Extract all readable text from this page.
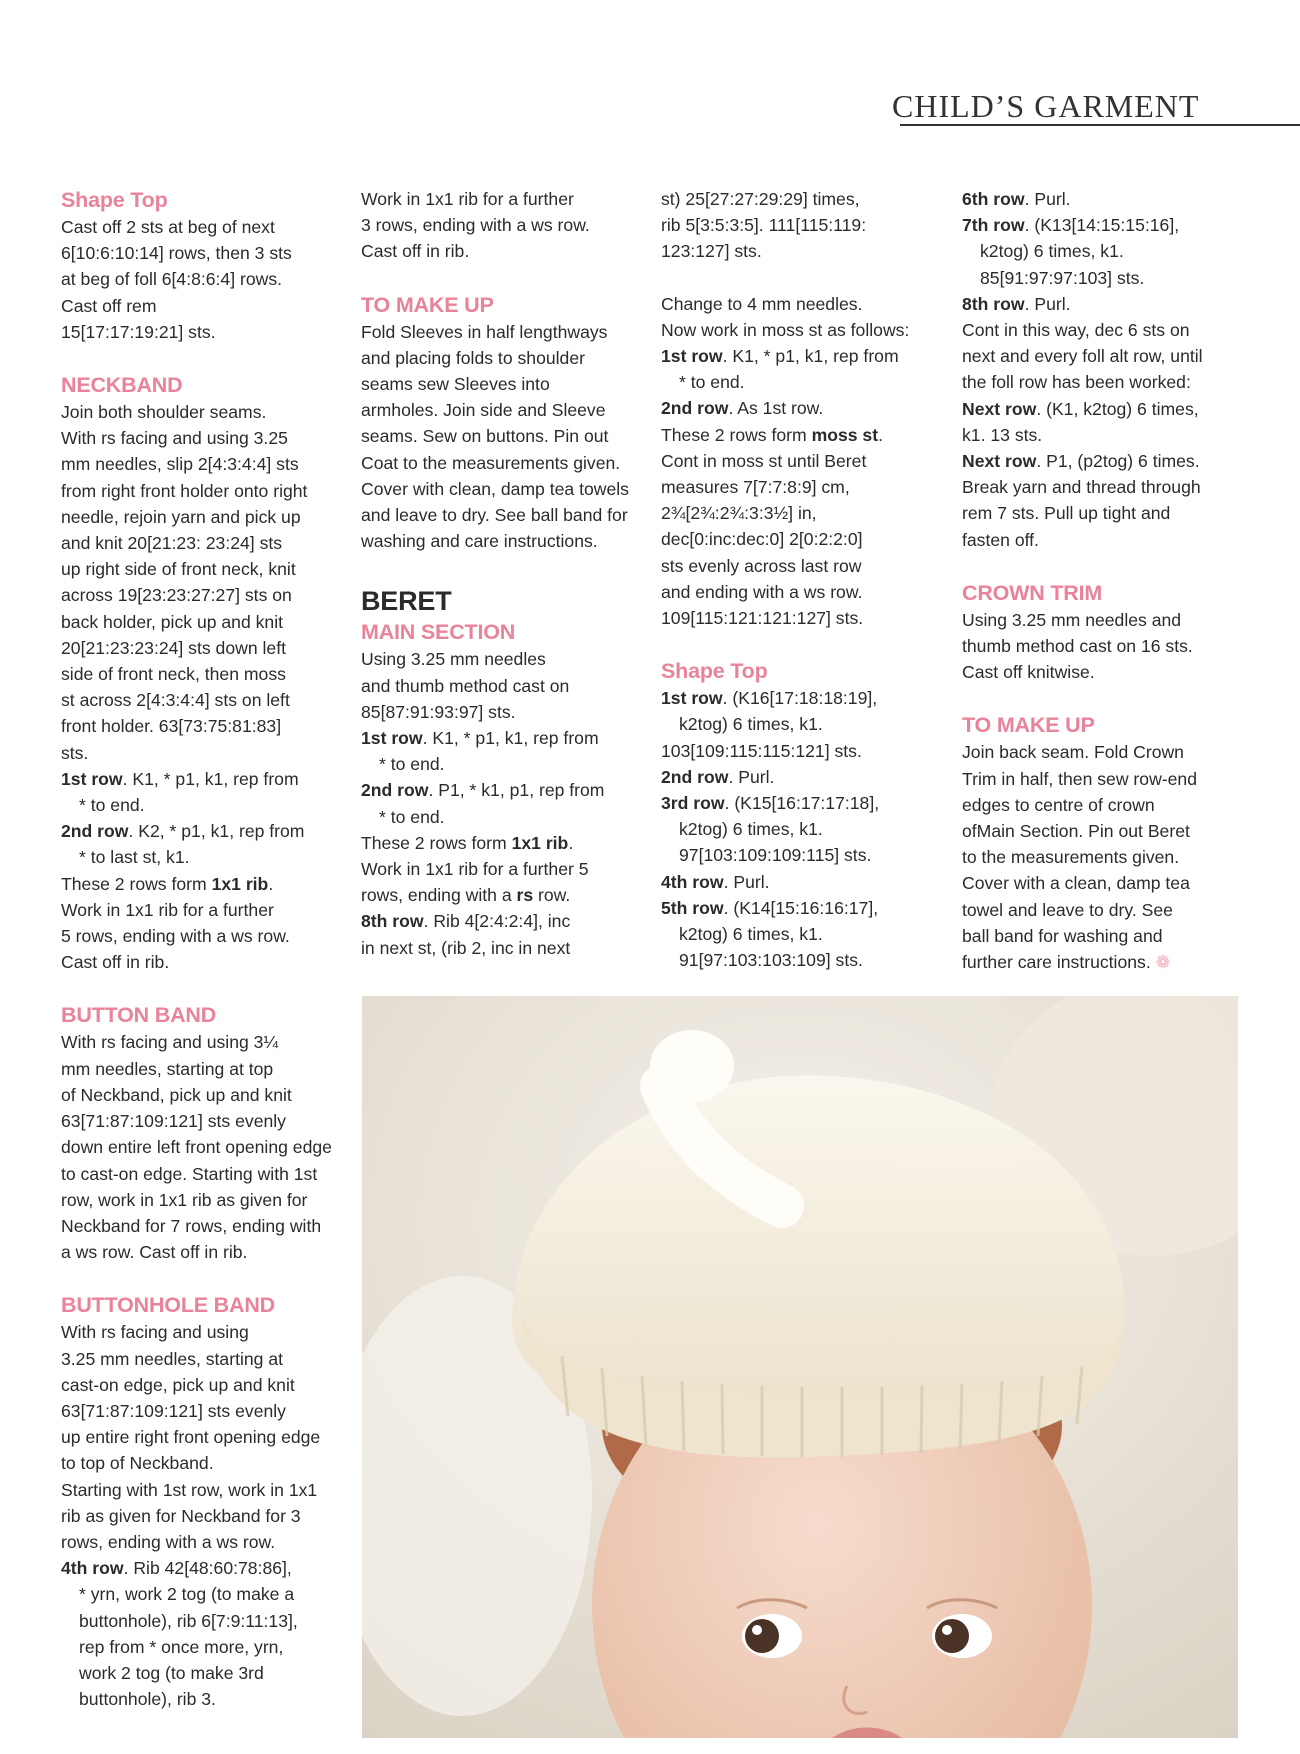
CHILD’S GARMENT

Shape Top

Cast off 2 sts at beg of next

6[10:6:10:14] rows, then 3 sts

at beg of foll 6[4:8:6:4] rows.

Cast off rem

15[17:17:19:21] sts.

NECKBAND

Join both shoulder seams.

With rs facing and using 3.25

mm needles, slip 2[4:3:4:4] sts

from right front holder onto right

needle, rejoin yarn and pick up

and knit 20[21:23: 23:24] sts

up right side of front neck, knit

across 19[23:23:27:27] sts on

back holder, pick up and knit

20[21:23:23:24] sts down left

side of front neck, then moss

st across 2[4:3:4:4] sts on left

front holder. 63[73:75:81:83]

sts.

1st row. K1, * p1, k1, rep from

* to end.

2nd row. K2, * p1, k1, rep from

* to last st, k1.

These 2 rows form 1x1 rib.

Work in 1x1 rib for a further

5 rows, ending with a ws row.

Cast off in rib.

BUTTON BAND

With rs facing and using 3¼

mm needles, starting at top

of Neckband, pick up and knit

63[71:87:109:121] sts evenly

down entire left front opening edge

to cast-on edge. Starting with 1st

row, work in 1x1 rib as given for

Neckband for 7 rows, ending with

a ws row. Cast off in rib.

BUTTONHOLE BAND

With rs facing and using

3.25 mm needles, starting at

cast-on edge, pick up and knit

63[71:87:109:121] sts evenly

up entire right front opening edge

to top of Neckband.

Starting with 1st row, work in 1x1

rib as given for Neckband for 3

rows, ending with a ws row.

4th row. Rib 42[48:60:78:86],

* yrn, work 2 tog (to make a

buttonhole), rib 6[7:9:11:13],

rep from * once more, yrn,

work 2 tog (to make 3rd

buttonhole), rib 3.

Work in 1x1 rib for a further

3 rows, ending with a ws row.

Cast off in rib.

TO MAKE UP

Fold Sleeves in half lengthways

and placing folds to shoulder

seams sew Sleeves into

armholes. Join side and Sleeve

seams. Sew on buttons. Pin out

Coat to the measurements given.

Cover with clean, damp tea towels

and leave to dry. See ball band for

washing and care instructions.

BERET

MAIN SECTION

Using 3.25 mm needles

and thumb method cast on

85[87:91:93:97] sts.

1st row. K1, * p1, k1, rep from

* to end.

2nd row. P1, * k1, p1, rep from

* to end.

These 2 rows form 1x1 rib.

Work in 1x1 rib for a further 5

rows, ending with a rs row.

8th row. Rib 4[2:4:2:4], inc

in next st, (rib 2, inc in next

st) 25[27:27:29:29] times,

rib 5[3:5:3:5]. 111[115:119:

123:127] sts.

Change to 4 mm needles.

Now work in moss st as follows:

1st row. K1, * p1, k1, rep from

* to end.

2nd row. As 1st row.

These 2 rows form moss st.

Cont in moss st until Beret

measures 7[7:7:8:9] cm,

2¾[2¾:2¾:3:3½] in,

dec[0:inc:dec:0] 2[0:2:2:0]

sts evenly across last row

and ending with a ws row.

109[115:121:121:127] sts.

Shape Top

1st row. (K16[17:18:18:19],

k2tog) 6 times, k1.

103[109:115:115:121] sts.

2nd row. Purl.

3rd row. (K15[16:17:17:18],

k2tog) 6 times, k1.

97[103:109:109:115] sts.

4th row. Purl.

5th row. (K14[15:16:16:17],

k2tog) 6 times, k1.

91[97:103:103:109] sts.

6th row. Purl.

7th row. (K13[14:15:15:16],

k2tog) 6 times, k1.

85[91:97:97:103] sts.

8th row. Purl.

Cont in this way, dec 6 sts on

next and every foll alt row, until

the foll row has been worked:

Next row. (K1, k2tog) 6 times,

k1. 13 sts.

Next row. P1, (p2tog) 6 times.

Break yarn and thread through

rem 7 sts. Pull up tight and

fasten off.

CROWN TRIM

Using 3.25 mm needles and

thumb method cast on 16 sts.

Cast off knitwise.

TO MAKE UP

Join back seam. Fold Crown

Trim in half, then sew row-end

edges to centre of crown

ofMain Section. Pin out Beret

to the measurements given.

Cover with a clean, damp tea

towel and leave to dry. See

ball band for washing and

further care instructions. ❁
